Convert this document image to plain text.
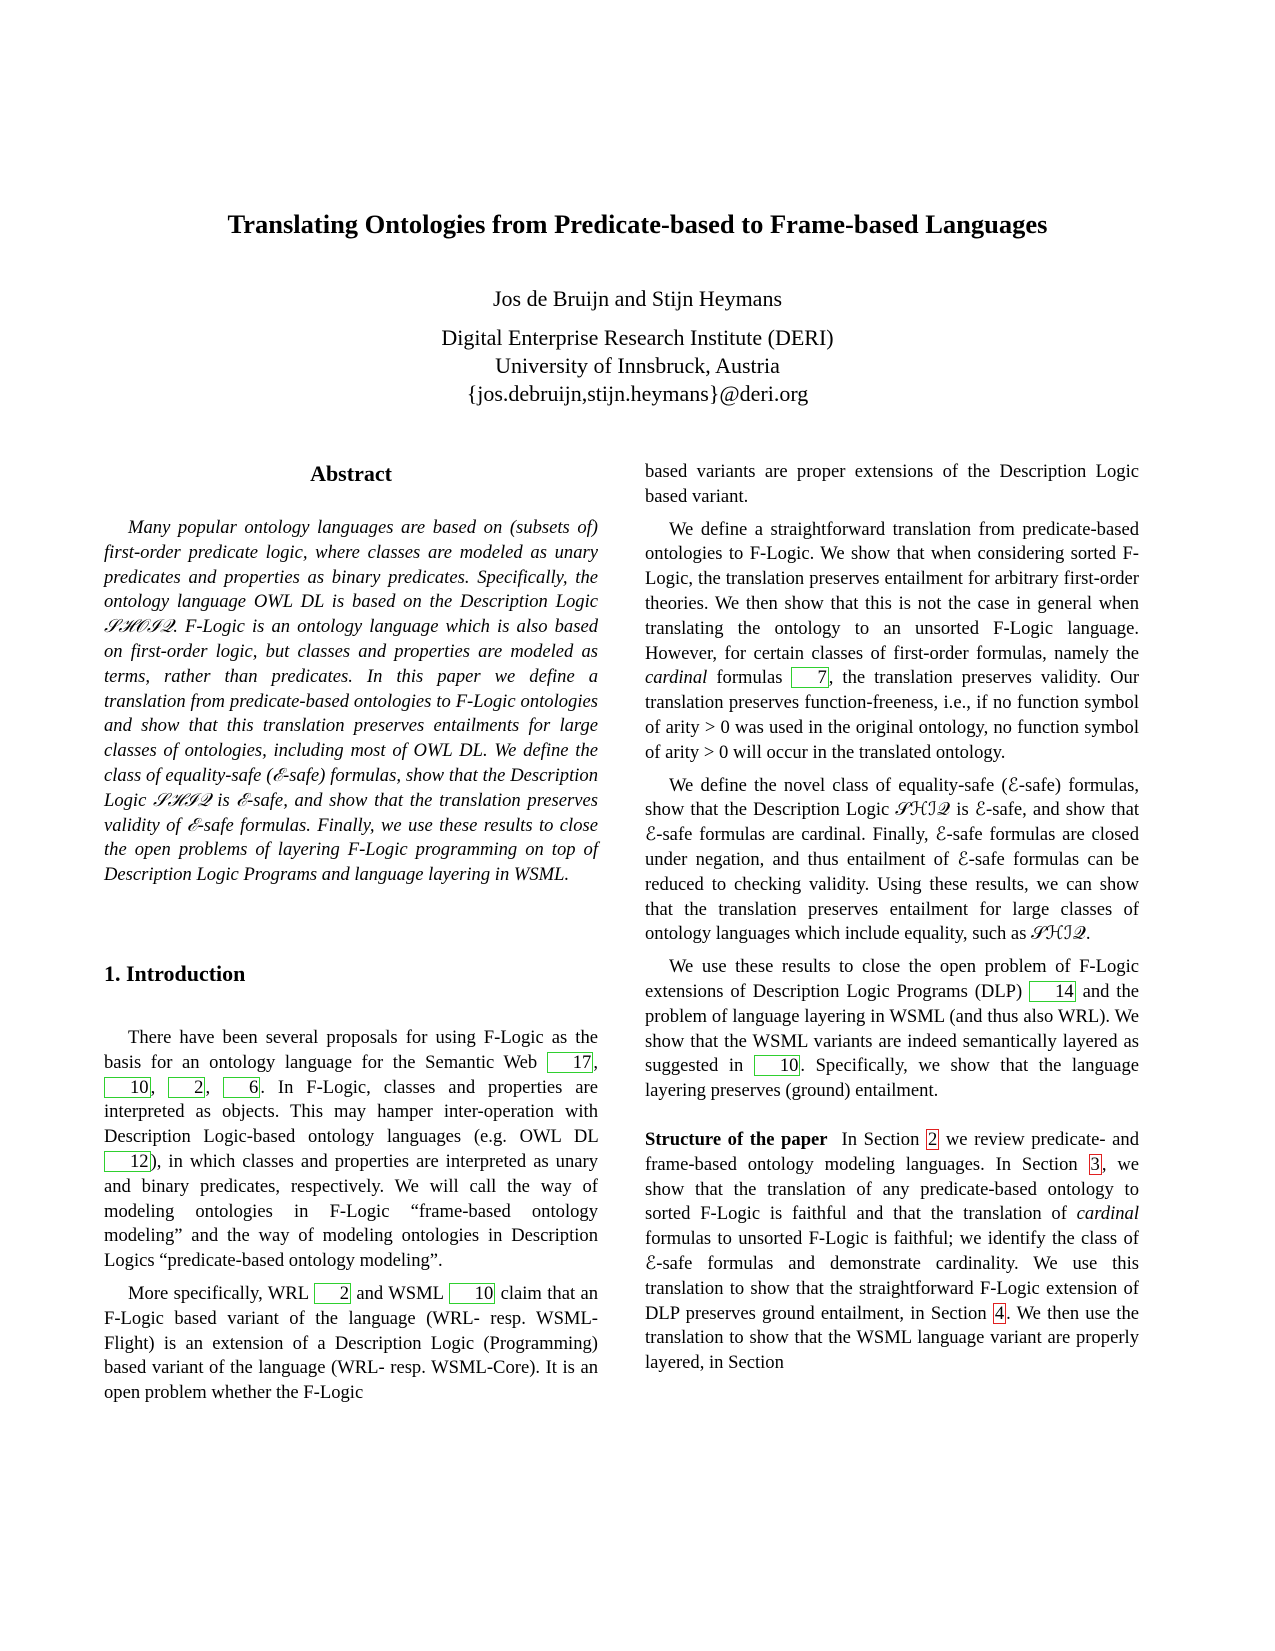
Translating Ontologies from Predicate-based to Frame-based Languages
Jos de Bruijn and Stijn Heymans
Digital Enterprise Research Institute (DERI)
University of Innsbruck, Austria
{jos.debruijn,stijn.heymans}@deri.org
Abstract

Many popular ontology languages are based on (subsets of) first-order predicate logic, where classes are modeled as unary predicates and properties as binary predicates. Specifically, the ontology language OWL DL is based on the Description Logic 𝒮ℋ𝒪ℐ𝒬. F-Logic is an ontology language which is also based on first-order logic, but classes and properties are modeled as terms, rather than predicates. In this paper we define a translation from predicate-based ontologies to F-Logic ontologies and show that this translation preserves entailments for large classes of ontologies, including most of OWL DL. We define the class of equality-safe (ℰ-safe) formulas, show that the Description Logic 𝒮ℋℐ𝒬 is ℰ-safe, and show that the translation preserves validity of ℰ-safe formulas. Finally, we use these results to close the open problems of layering F-Logic programming on top of Description Logic Programs and language layering in WSML.

1. Introduction

There have been several proposals for using F-Logic as the basis for an ontology language for the Semantic Web 17 , 10 , 2 , 6 . In F-Logic, classes and properties are interpreted as objects. This may hamper inter-operation with Description Logic-based ontology languages (e.g. OWL DL 12 ), in which classes and properties are interpreted as unary and binary predicates, respectively. We will call the way of modeling ontologies in F-Logic “frame-based ontology modeling” and the way of modeling ontologies in Description Logics “predicate-based ontology modeling”.

More specifically, WRL 2 and WSML 10 claim that an F-Logic based variant of the language (WRL- resp. WSML-Flight) is an extension of a Description Logic (Programming) based variant of the language (WRL- resp. WSML-Core). It is an open problem whether the F-Logic

based variants are proper extensions of the Description Logic based variant.

We define a straightforward translation from predicate-based ontologies to F-Logic. We show that when considering sorted F-Logic, the translation preserves entailment for arbitrary first-order theories. We then show that this is not the case in general when translating the ontology to an unsorted F-Logic language. However, for certain classes of first-order formulas, namely the cardinal formulas 7 , the translation preserves validity. Our translation preserves function-freeness, i.e., if no function symbol of arity > 0 was used in the original ontology, no function symbol of arity > 0 will occur in the translated ontology.

We define the novel class of equality-safe (ℰ-safe) formulas, show that the Description Logic 𝒮ℋℐ𝒬 is ℰ-safe, and show that ℰ-safe formulas are cardinal. Finally, ℰ-safe formulas are closed under negation, and thus entailment of ℰ-safe formulas can be reduced to checking validity. Using these results, we can show that the translation preserves entailment for large classes of ontology languages which include equality, such as 𝒮ℋℐ𝒬.

We use these results to close the open problem of F-Logic extensions of Description Logic Programs (DLP) 14 and the problem of language layering in WSML (and thus also WRL). We show that the WSML variants are indeed semantically layered as suggested in 10 . Specifically, we show that the language layering preserves (ground) entailment.

Structure of the paper In Section 2 we review predicate- and frame-based ontology modeling languages. In Section 3 , we show that the translation of any predicate-based ontology to sorted F-Logic is faithful and that the translation of cardinal formulas to unsorted F-Logic is faithful; we identify the class of ℰ-safe formulas and demonstrate cardinality. We use this translation to show that the straightforward F-Logic extension of DLP preserves ground entailment, in Section 4 . We then use the translation to show that the WSML language variant are properly layered, in Section
